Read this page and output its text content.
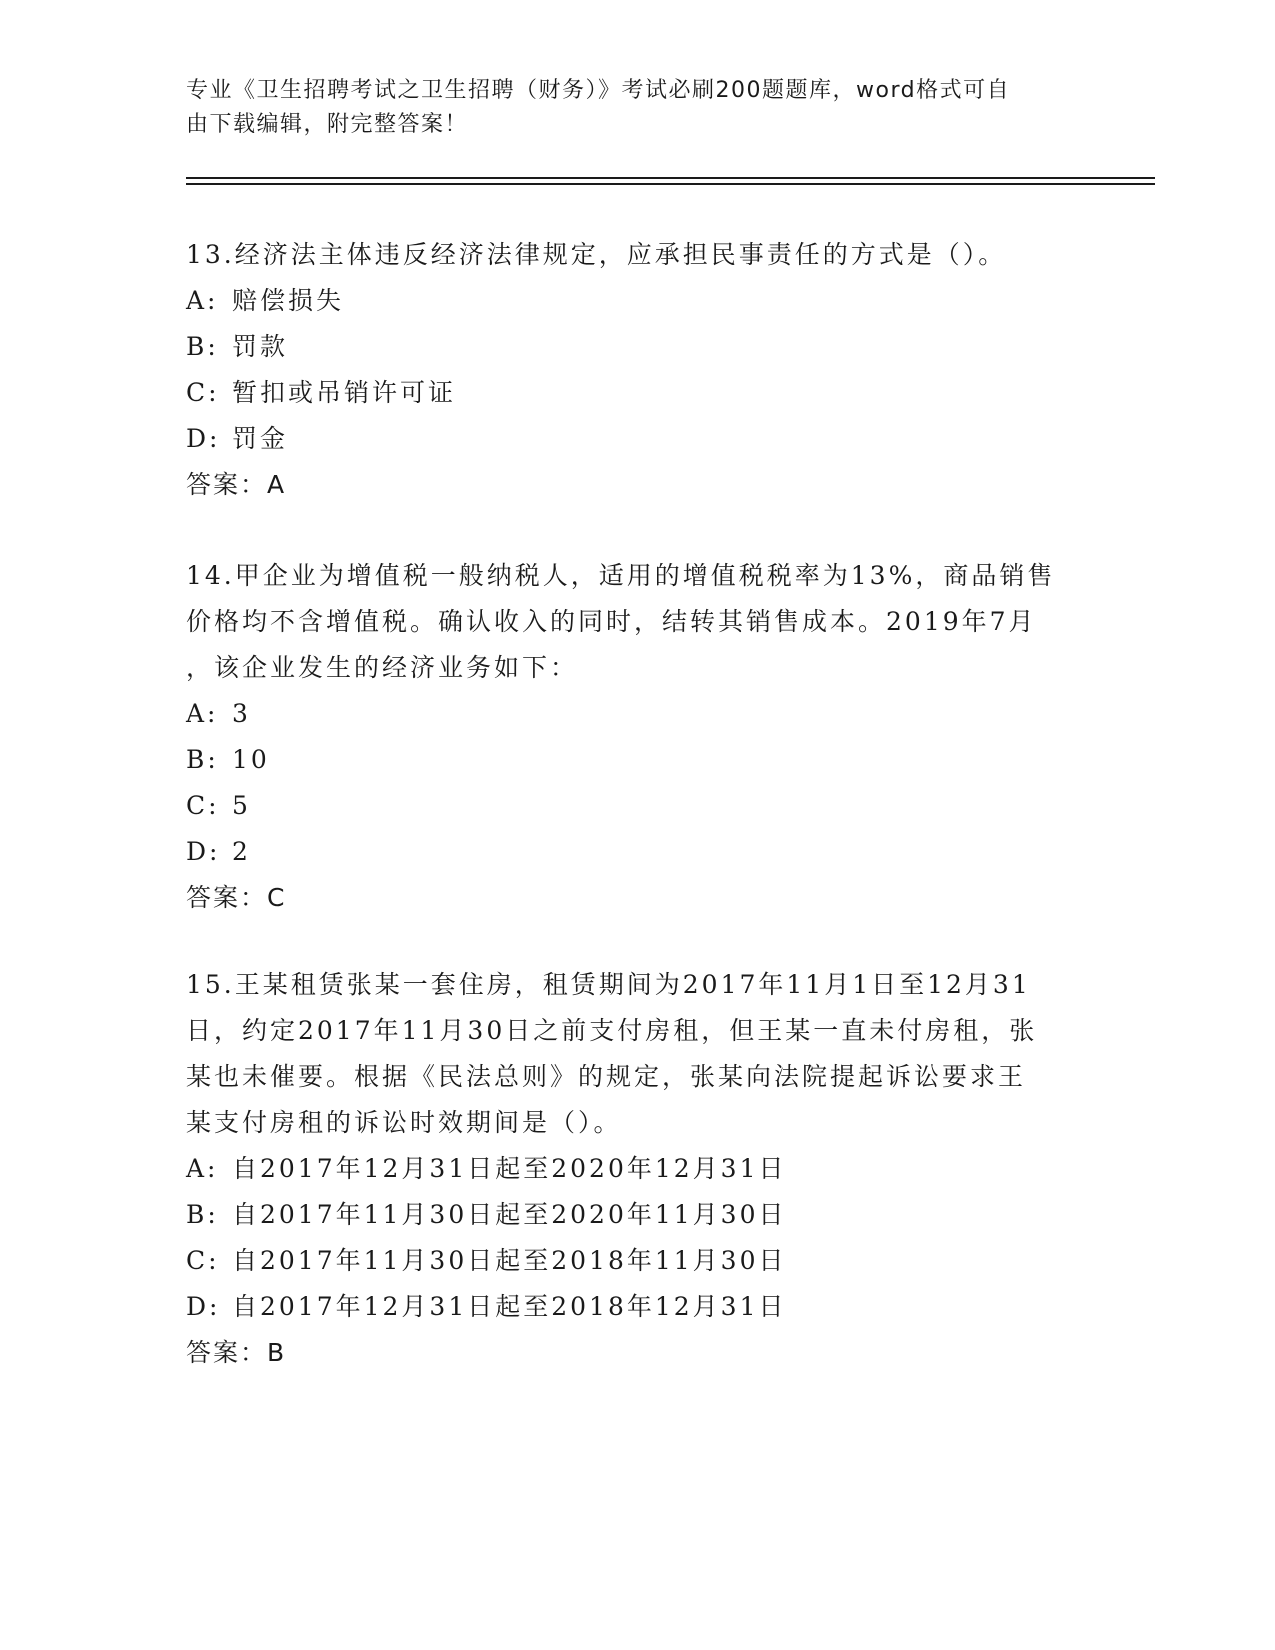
专业《卫生招聘考试之卫生招聘（财务）》考试必刷200题题库，word格式可自
由下载编辑，附完整答案！

13.经济法主体违反经济法律规定，应承担民事责任的方式是（）。

A: 赔偿损失

B: 罚款

C: 暂扣或吊销许可证

D: 罚金

答案：A

14.甲企业为增值税一般纳税人，适用的增值税税率为13%，商品销售

价格均不含增值税。确认收入的同时，结转其销售成本。2019年7月

，该企业发生的经济业务如下：

A: 3

B: 10

C: 5

D: 2

答案：C

15.王某租赁张某一套住房，租赁期间为2017年11月1日至12月31

日，约定2017年11月30日之前支付房租，但王某一直未付房租，张

某也未催要。根据《民法总则》的规定，张某向法院提起诉讼要求王

某支付房租的诉讼时效期间是（）。

A: 自2017年12月31日起至2020年12月31日

B: 自2017年11月30日起至2020年11月30日

C: 自2017年11月30日起至2018年11月30日

D: 自2017年12月31日起至2018年12月31日

答案：B
